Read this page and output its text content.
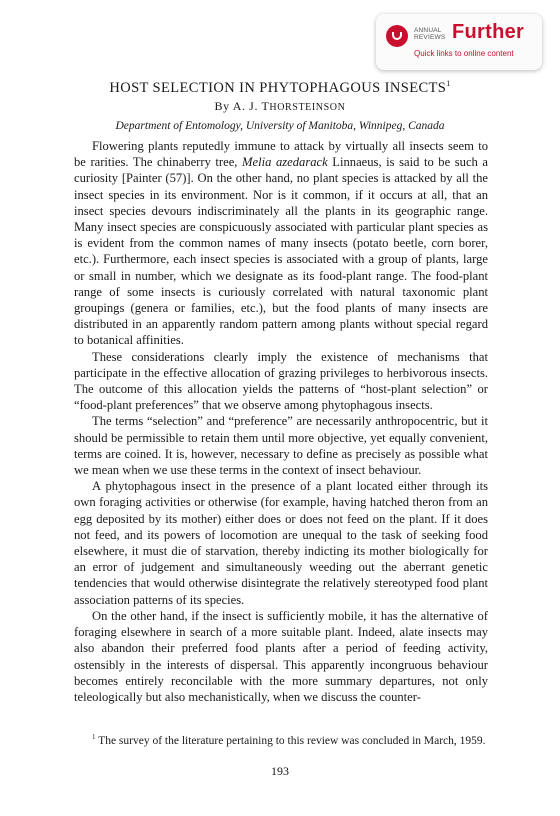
ANNUAL
REVIEWS Further
Quick links to online content
HOST SELECTION IN PHYTOPHAGOUS INSECTS$^1$
By A. J. THORSTEINSON
Department of Entomology, University of Manitoba, Winnipeg, Canada

Flowering plants reputedly immune to attack by virtually all insects seem to be rarities. The chinaberry tree, Melia azedarack Linnaeus, is said to be such a curiosity [Painter (57)]. On the other hand, no plant species is attacked by all the insect species in its environment. Nor is it common, if it occurs at all, that an insect species devours indiscriminately all the plants in its geographic range. Many insect species are conspicuously associated with particular plant species as is evident from the common names of many insects (potato beetle, corn borer, etc.). Furthermore, each insect species is associated with a group of plants, large or small in number, which we designate as its food-plant range. The food-plant range of some insects is curiously correlated with natural taxonomic plant groupings (genera or families, etc.), but the food plants of many insects are distributed in an apparently random pattern among plants without special regard to botanical affinities.

These considerations clearly imply the existence of mechanisms that participate in the effective allocation of grazing privileges to herbivorous insects. The outcome of this allocation yields the patterns of “host-plant selection” or “food-plant preferences” that we observe among phytophagous insects.

The terms “selection” and “preference” are necessarily anthropocentric, but it should be permissible to retain them until more objective, yet equally convenient, terms are coined. It is, however, necessary to define as precisely as possible what we mean when we use these terms in the context of insect behaviour.

A phytophagous insect in the presence of a plant located either through its own foraging activities or otherwise (for example, having hatched theron from an egg deposited by its mother) either does or does not feed on the plant. If it does not feed, and its powers of locomotion are unequal to the task of seeking food elsewhere, it must die of starvation, thereby indicting its mother biologically for an error of judgement and simultaneously weeding out the aberrant genetic tendencies that would otherwise disintegrate the relatively stereotyped food plant association patterns of its species.

On the other hand, if the insect is sufficiently mobile, it has the alternative of foraging elsewhere in search of a more suitable plant. Indeed, alate insects may also abandon their preferred food plants after a period of feeding activity, ostensibly in the interests of dispersal. This apparently incongruous behaviour becomes entirely reconcilable with the more summary departures, not only teleologically but also mechanistically, when we discuss the counter-

$^1$ The survey of the literature pertaining to this review was concluded in March, 1959.
193
